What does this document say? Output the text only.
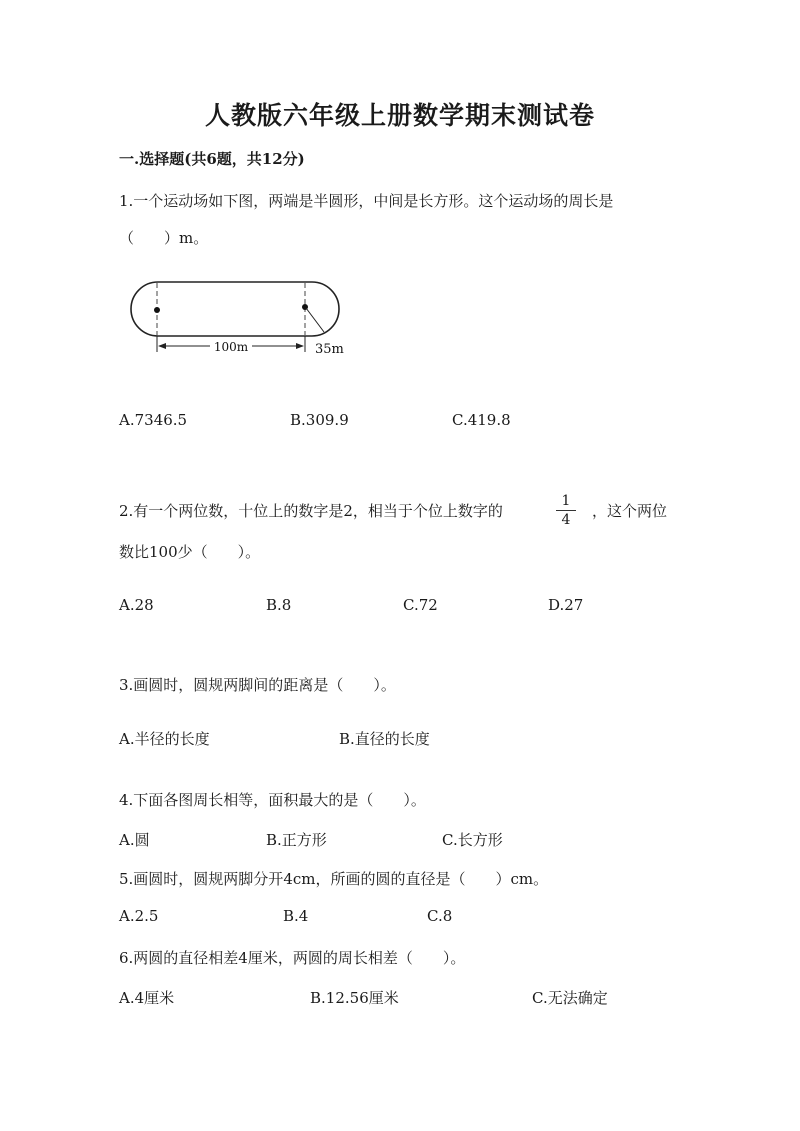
人教版六年级上册数学期末测试卷
一.选择题(共6题，共12分)
1.一个运动场如下图，两端是半圆形，中间是长方形。这个运动场的周长是
（　　）m。
100m	35m
A.7346.5	B.309.9	C.419.8
2.有一个两位数，十位上的数字是2，相当于个位上数字的
1
4	，这个两位
数比100少（　　）。
A.28	B.8	C.72	D.27
3.画圆时，圆规两脚间的距离是（　　）。
A.半径的长度	B.直径的长度
4.下面各图周长相等，面积最大的是（　　）。
A.圆	B.正方形	C.长方形
5.画圆时，圆规两脚分开4cm，所画的圆的直径是（　　）cm。
A.2.5	B.4	C.8
6.两圆的直径相差4厘米，两圆的周长相差（　　）。
A.4厘米	B.12.56厘米	C.无法确定
